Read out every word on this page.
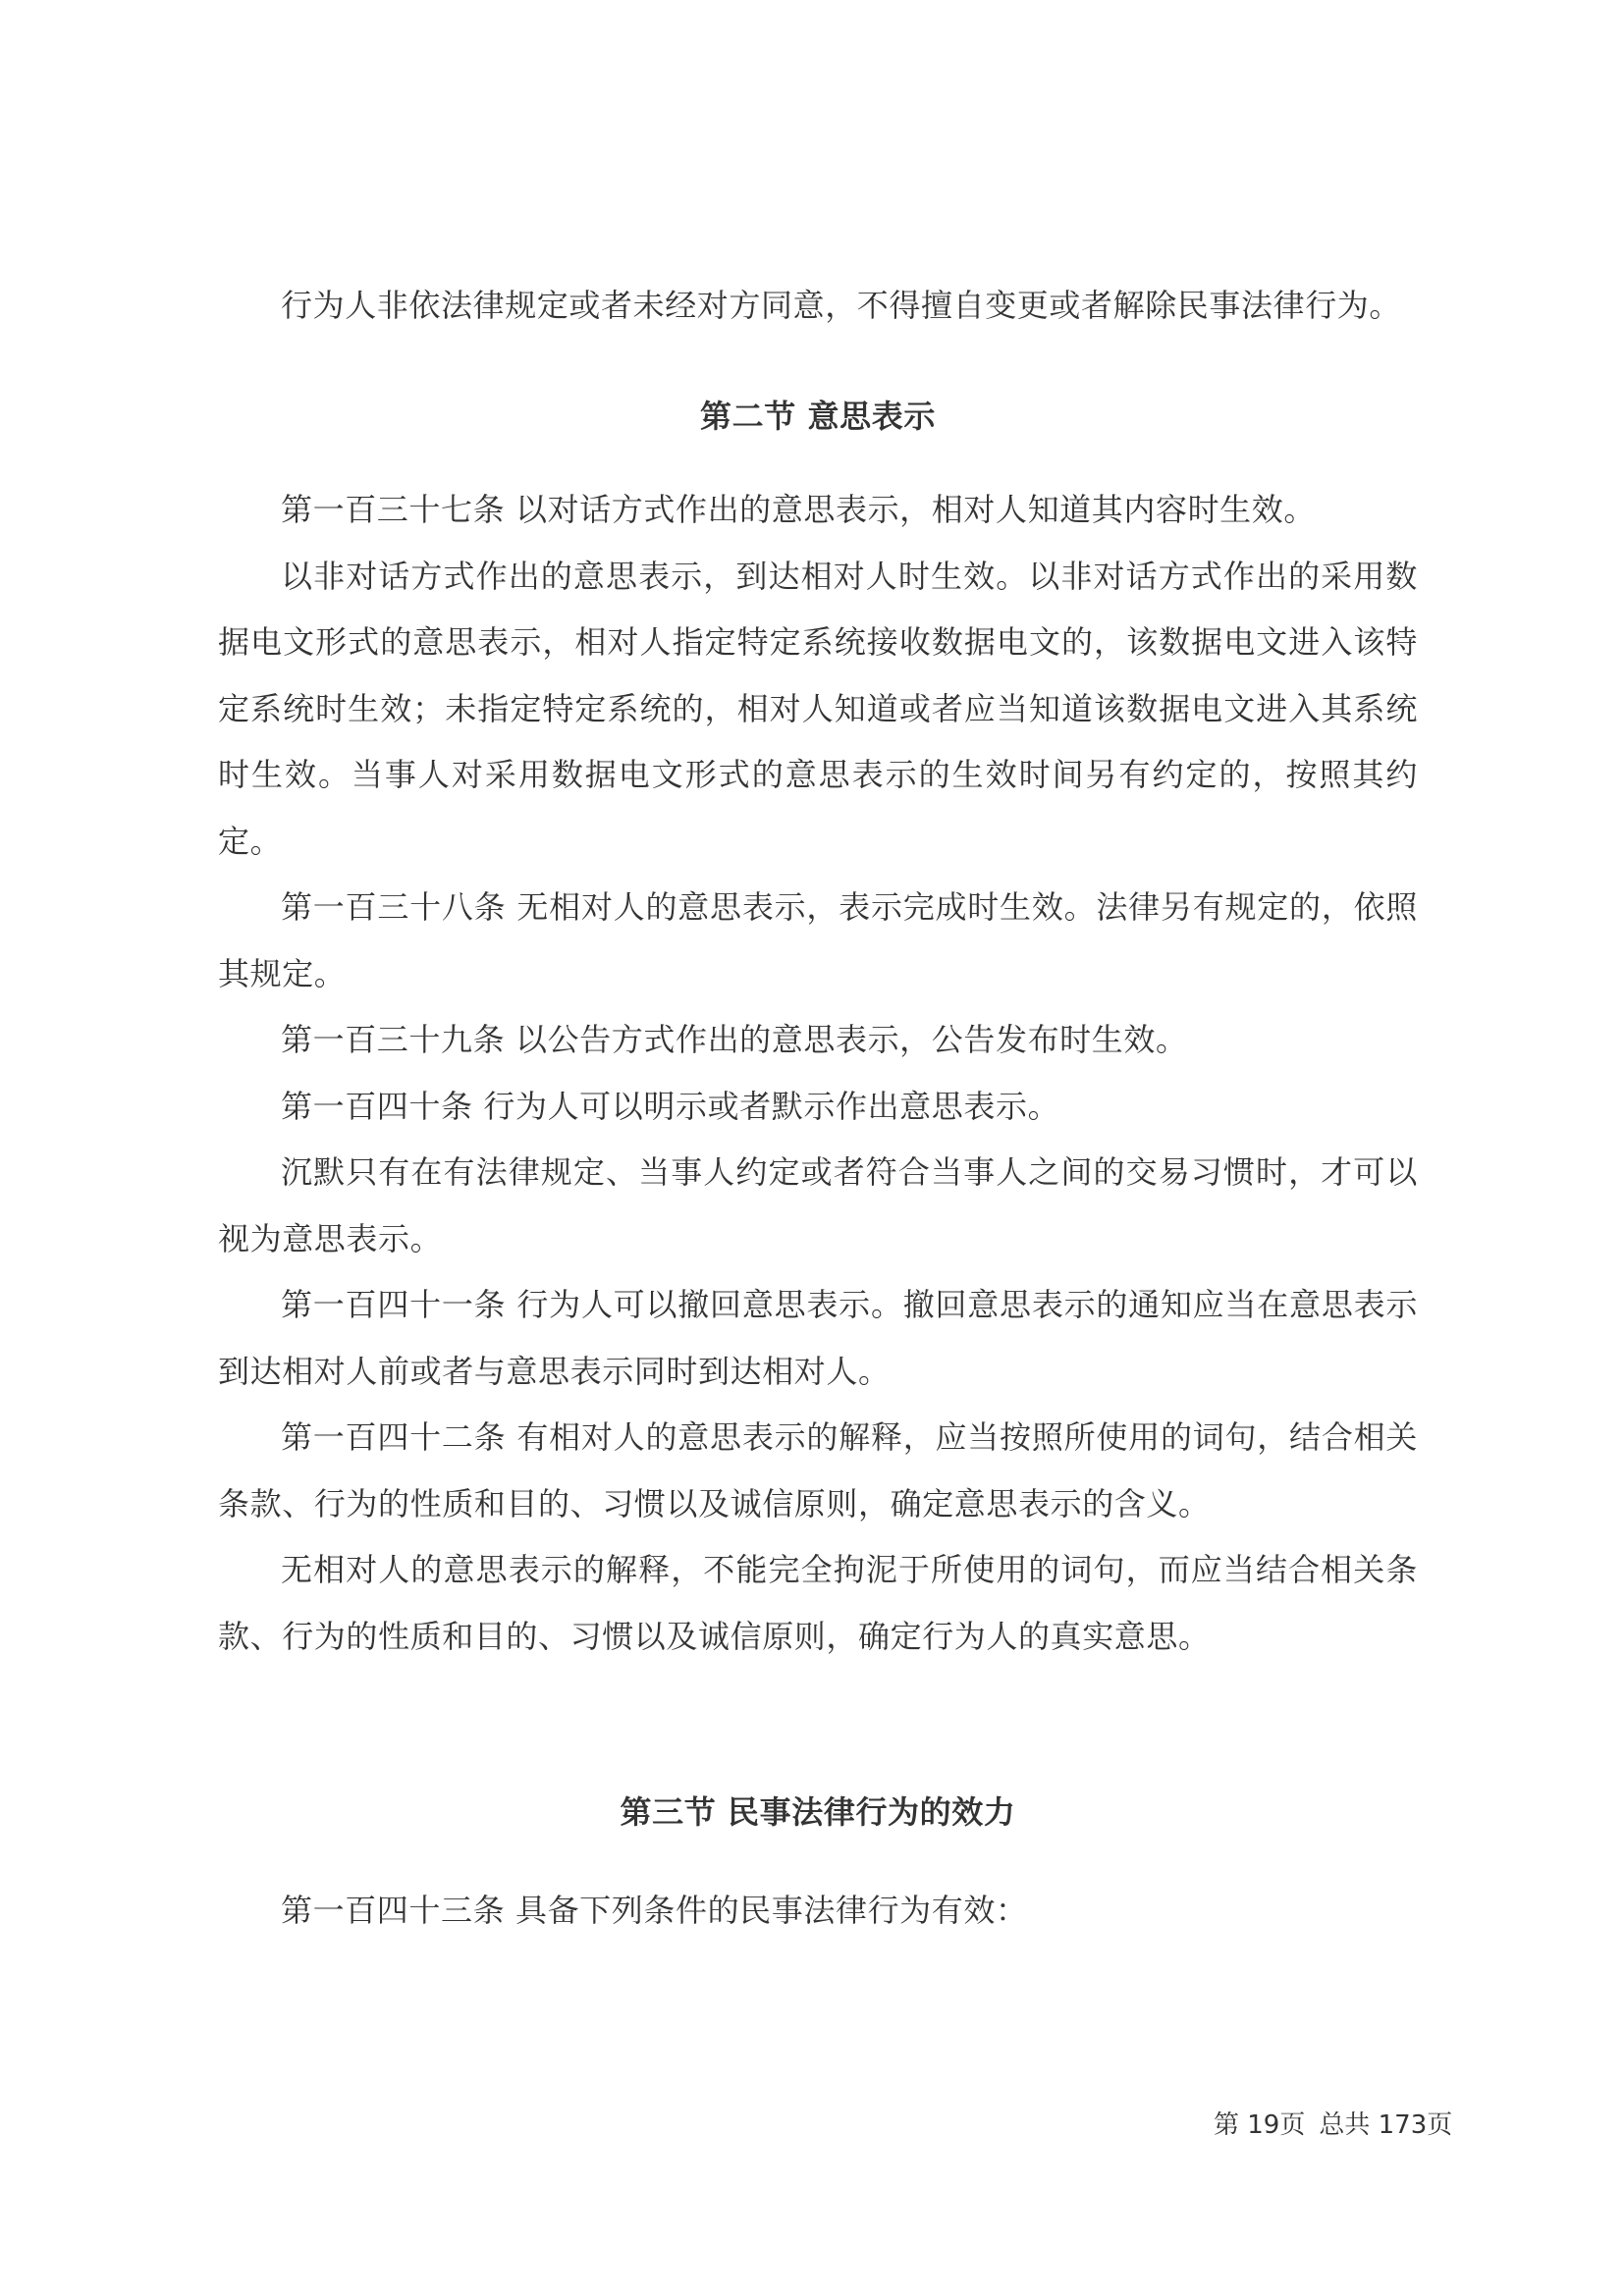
行为人非依法律规定或者未经对方同意，不得擅自变更或者解除民事法律行为。

第二节 意思表示

第一百三十七条 以对话方式作出的意思表示，相对人知道其内容时生效。

以非对话方式作出的意思表示，到达相对人时生效。以非对话方式作出的采用数据电文形式的意思表示，相对人指定特定系统接收数据电文的，该数据电文进入该特定系统时生效；未指定特定系统的，相对人知道或者应当知道该数据电文进入其系统时生效。当事人对采用数据电文形式的意思表示的生效时间另有约定的，按照其约定。

第一百三十八条 无相对人的意思表示，表示完成时生效。法律另有规定的，依照其规定。

第一百三十九条 以公告方式作出的意思表示，公告发布时生效。

第一百四十条 行为人可以明示或者默示作出意思表示。

沉默只有在有法律规定、当事人约定或者符合当事人之间的交易习惯时，才可以视为意思表示。

第一百四十一条 行为人可以撤回意思表示。撤回意思表示的通知应当在意思表示到达相对人前或者与意思表示同时到达相对人。

第一百四十二条 有相对人的意思表示的解释，应当按照所使用的词句，结合相关条款、行为的性质和目的、习惯以及诚信原则，确定意思表示的含义。

无相对人的意思表示的解释，不能完全拘泥于所使用的词句，而应当结合相关条款、行为的性质和目的、习惯以及诚信原则，确定行为人的真实意思。

第三节 民事法律行为的效力

第一百四十三条 具备下列条件的民事法律行为有效：

第 19页 总共 173页
